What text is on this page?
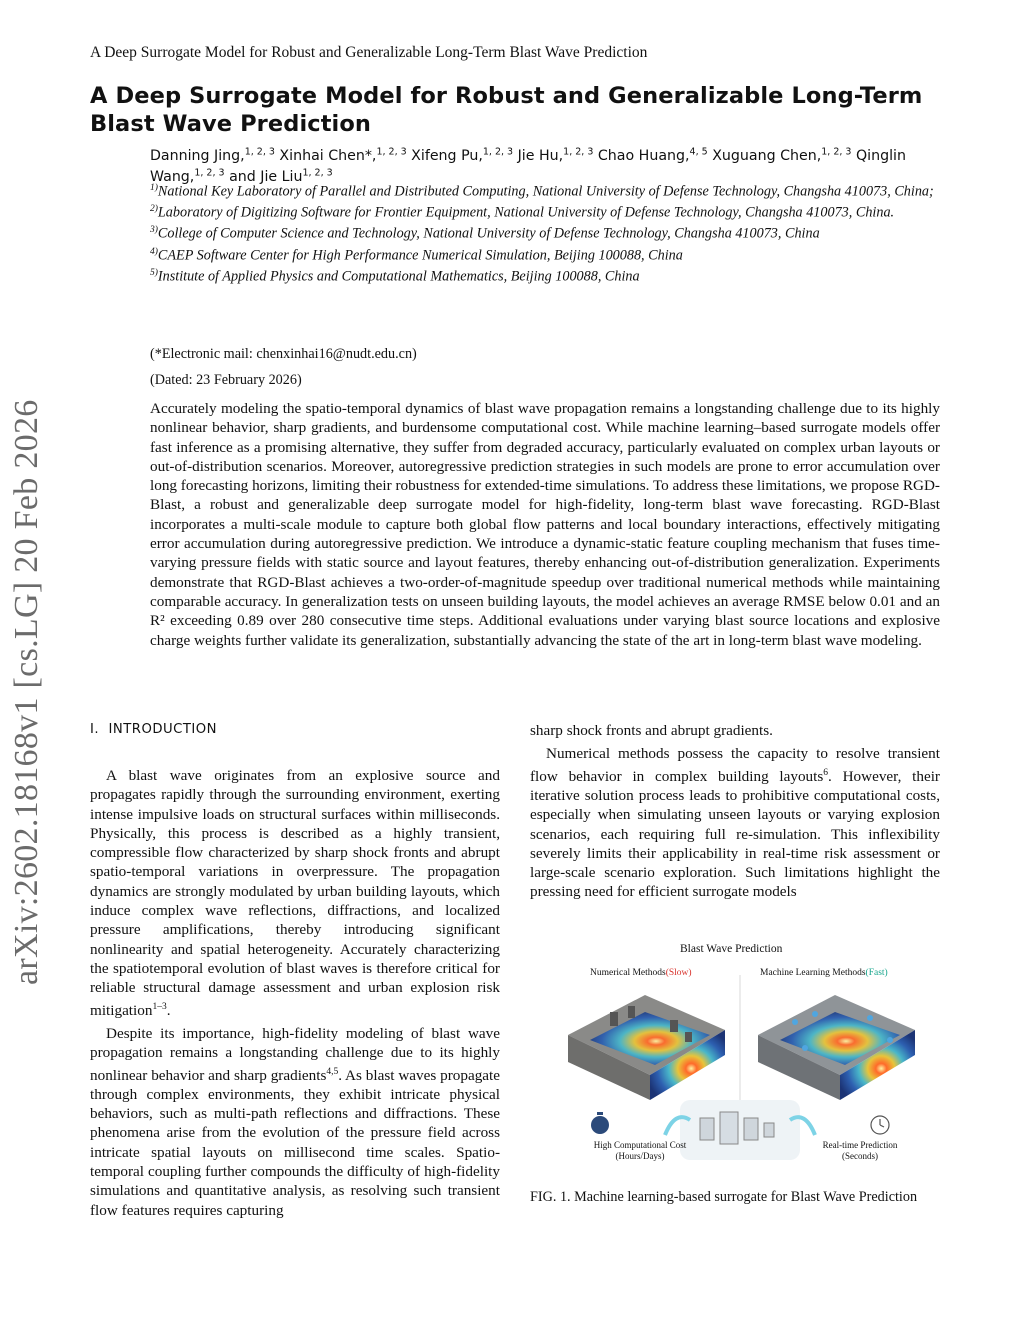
A Deep Surrogate Model for Robust and Generalizable Long-Term Blast Wave Prediction
A Deep Surrogate Model for Robust and Generalizable Long-Term Blast Wave Prediction
Danning Jing,$^{1, 2, 3}$ Xinhai Chen*,$^{1, 2, 3}$ Xifeng Pu,$^{1, 2, 3}$ Jie Hu,$^{1, 2, 3}$ Chao Huang,$^{4, 5}$ Xuguang Chen,$^{1, 2, 3}$ Qinglin Wang,$^{1, 2, 3}$ and Jie Liu$^{1, 2, 3}$

$^{1)}$National Key Laboratory of Parallel and Distributed Computing, National University of Defense Technology, Changsha 410073, China;

$^{2)}$Laboratory of Digitizing Software for Frontier Equipment, National University of Defense Technology, Changsha 410073, China.

$^{3)}$College of Computer Science and Technology, National University of Defense Technology, Changsha 410073, China

$^{4)}$CAEP Software Center for High Performance Numerical Simulation, Beijing 100088, China

$^{5)}$Institute of Applied Physics and Computational Mathematics, Beijing 100088, China

(*Electronic mail: chenxinhai16@nudt.edu.cn)
(Dated: 23 February 2026)
Accurately modeling the spatio-temporal dynamics of blast wave propagation remains a longstanding challenge due to its highly nonlinear behavior, sharp gradients, and burdensome computational cost. While machine learning–based surrogate models offer fast inference as a promising alternative, they suffer from degraded accuracy, particularly evaluated on complex urban layouts or out-of-distribution scenarios. Moreover, autoregressive prediction strategies in such models are prone to error accumulation over long forecasting horizons, limiting their robustness for extended-time simulations. To address these limitations, we propose RGD-Blast, a robust and generalizable deep surrogate model for high-fidelity, long-term blast wave forecasting. RGD-Blast incorporates a multi-scale module to capture both global flow patterns and local boundary interactions, effectively mitigating error accumulation during autoregressive prediction. We introduce a dynamic-static feature coupling mechanism that fuses time-varying pressure fields with static source and layout features, thereby enhancing out-of-distribution generalization. Experiments demonstrate that RGD-Blast achieves a two-order-of-magnitude speedup over traditional numerical methods while maintaining comparable accuracy. In generalization tests on unseen building layouts, the model achieves an average RMSE below 0.01 and an R² exceeding 0.89 over 280 consecutive time steps. Additional evaluations under varying blast source locations and explosive charge weights further validate its generalization, substantially advancing the state of the art in long-term blast wave modeling.
arXiv:2602.18168v1 [cs.LG] 20 Feb 2026	I. INTRODUCTION

A blast wave originates from an explosive source and propagates rapidly through the surrounding environment, exerting intense impulsive loads on structural surfaces within milliseconds. Physically, this process is described as a highly transient, compressible flow characterized by sharp shock fronts and abrupt spatio-temporal variations in overpressure. The propagation dynamics are strongly modulated by urban building layouts, which induce complex wave reflections, diffractions, and localized pressure amplifications, thereby introducing significant nonlinearity and spatial heterogeneity. Accurately characterizing the spatiotemporal evolution of blast waves is therefore critical for reliable structural damage assessment and urban explosion risk mitigation$^{1-3}$.

Despite its importance, high-fidelity modeling of blast wave propagation remains a longstanding challenge due to its highly nonlinear behavior and sharp gradients$^{4,5}$. As blast waves propagate through complex environments, they exhibit intricate physical behaviors, such as multi-path reflections and diffractions. These phenomena arise from the evolution of the pressure field across intricate spatial layouts on millisecond time scales. Spatio-temporal coupling further compounds the difficulty of high-fidelity simulations and quantitative analysis, as resolving such transient flow features requires capturing

sharp shock fronts and abrupt gradients.

Numerical methods possess the capacity to resolve transient flow behavior in complex building layouts$^6$. However, their iterative solution process leads to prohibitive computational costs, especially when simulating unseen layouts or varying explosion scenarios, each requiring full re-simulation. This inflexibility severely limits their applicability in real-time risk assessment or large-scale scenario exploration. Such limitations highlight the pressing need for efficient surrogate models

Blast Wave Prediction
Numerical Methods(Slow)	Machine Learning Methods(Fast)
High Computational Cost
(Hours/Days)
Real-time Prediction
(Seconds)
FIG. 1. Machine learning-based surrogate for Blast Wave Prediction
